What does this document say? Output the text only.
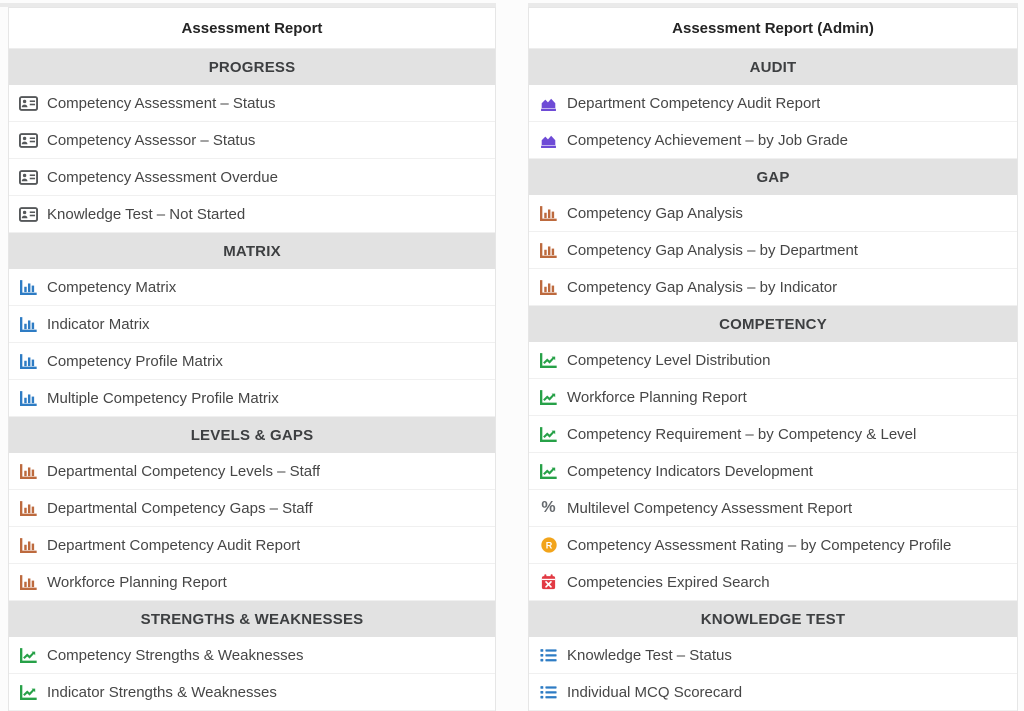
Assessment Report
PROGRESS
Competency Assessment – Status
Competency Assessor – Status
Competency Assessment Overdue
Knowledge Test – Not Started
MATRIX
Competency Matrix
Indicator Matrix
Competency Profile Matrix
Multiple Competency Profile Matrix
LEVELS & GAPS
Departmental Competency Levels – Staff
Departmental Competency Gaps – Staff
Department Competency Audit Report
Workforce Planning Report
STRENGTHS & WEAKNESSES
Competency Strengths & Weaknesses
Indicator Strengths & Weaknesses
Assessment Report (Admin)
AUDIT
Department Competency Audit Report
Competency Achievement – by Job Grade
GAP
Competency Gap Analysis
Competency Gap Analysis – by Department
Competency Gap Analysis – by Indicator
COMPETENCY
Competency Level Distribution
Workforce Planning Report
Competency Requirement – by Competency & Level
Competency Indicators Development
% Multilevel Competency Assessment Report
R Competency Assessment Rating – by Competency Profile
Competencies Expired Search
KNOWLEDGE TEST
Knowledge Test – Status
Individual MCQ Scorecard
